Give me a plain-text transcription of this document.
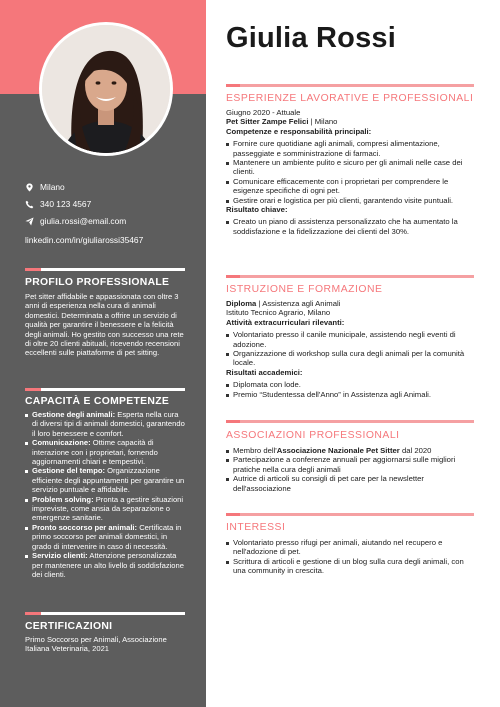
Milano
340 123 4567
giulia.rossi@email.com
linkedin.com/in/giuliarossi35467
PROFILO PROFESSIONALE
Pet sitter affidabile e appassionata con oltre 3 anni di esperienza nella cura di animali domestici. Determinata a offrire un servizio di qualità per garantire il benessere e la felicità degli animali. Ho gestito con successo una rete di oltre 20 clienti abituali, ricevendo recensioni eccellenti sulle piattaforme di pet sitting.
CAPACITÀ E COMPETENZE
Gestione degli animali: Esperta nella cura di diversi tipi di animali domestici, garantendo il loro benessere e comfort.
Comunicazione: Ottime capacità di interazione con i proprietari, fornendo aggiornamenti chiari e tempestivi.
Gestione del tempo: Organizzazione efficiente degli appuntamenti per garantire un servizio puntuale e affidabile.
Problem solving: Pronta a gestire situazioni impreviste, come ansia da separazione o emergenze sanitarie.
Pronto soccorso per animali: Certificata in primo soccorso per animali domestici, in grado di intervenire in caso di necessità.
Servizio clienti: Attenzione personalizzata per mantenere un alto livello di soddisfazione dei clienti.
CERTIFICAZIONI
Primo Soccorso per Animali, Associazione Italiana Veterinaria, 2021
Giulia Rossi
ESPERIENZE LAVORATIVE E PROFESSIONALI
Giugno 2020 - Attuale
Pet Sitter Zampe Felici | Milano
Competenze e responsabilità principali:
Fornire cure quotidiane agli animali, compresi alimentazione, passeggiate e somministrazione di farmaci.
Mantenere un ambiente pulito e sicuro per gli animali nelle case dei clienti.
Comunicare efficacemente con i proprietari per comprendere le esigenze specifiche di ogni pet.
Gestire orari e logistica per più clienti, garantendo visite puntuali.
Risultato chiave:
Creato un piano di assistenza personalizzato che ha aumentato la soddisfazione e la fidelizzazione dei clienti del 30%.
ISTRUZIONE E FORMAZIONE
Diploma | Assistenza agli Animali
Istituto Tecnico Agrario, Milano
Attività extracurriculari rilevanti:
Volontariato presso il canile municipale, assistendo negli eventi di adozione.
Organizzazione di workshop sulla cura degli animali per la comunità locale.
Risultati accademici:
Diplomata con lode.
Premio “Studentessa dell'Anno” in Assistenza agli Animali.
ASSOCIAZIONI PROFESSIONALI
Membro dell'Associazione Nazionale Pet Sitter dal 2020
Partecipazione a conferenze annuali per aggiornarsi sulle migliori pratiche nella cura degli animali
Autrice di articoli su consigli di pet care per la newsletter dell'associazione
INTERESSI
Volontariato presso rifugi per animali, aiutando nel recupero e nell'adozione di pet.
Scrittura di articoli e gestione di un blog sulla cura degli animali, con una community in crescita.
